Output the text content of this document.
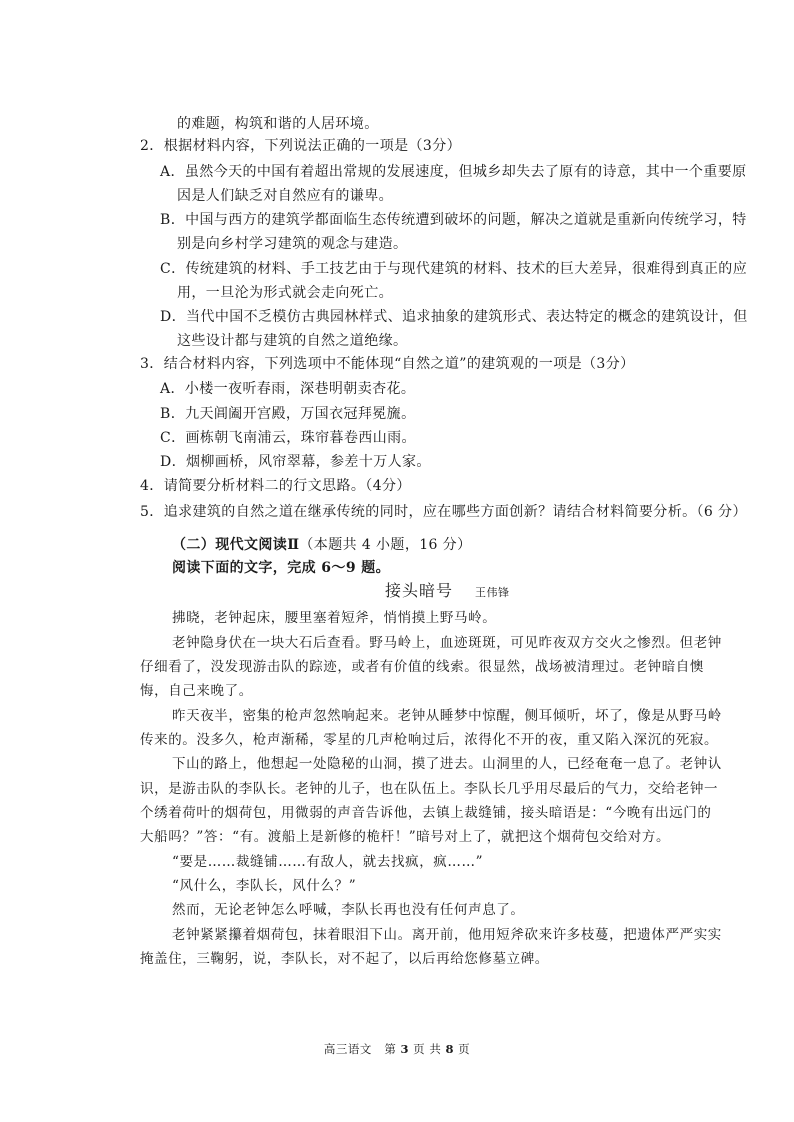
的难题，构筑和谐的人居环境。
2．根据材料内容，下列说法正确的一项是（3分）
A．虽然今天的中国有着超出常规的发展速度，但城乡却失去了原有的诗意，其中一个重要原
因是人们缺乏对自然应有的谦卑。
B．中国与西方的建筑学都面临生态传统遭到破坏的问题，解决之道就是重新向传统学习，特
别是向乡村学习建筑的观念与建造。
C．传统建筑的材料、手工技艺由于与现代建筑的材料、技术的巨大差异，很难得到真正的应
用，一旦沦为形式就会走向死亡。
D．当代中国不乏模仿古典园林样式、追求抽象的建筑形式、表达特定的概念的建筑设计，但
这些设计都与建筑的自然之道绝缘。
3．结合材料内容，下列选项中不能体现“自然之道”的建筑观的一项是（3分）
A．小楼一夜听春雨，深巷明朝卖杏花。
B．九天阊阖开宫殿，万国衣冠拜冕旒。
C．画栋朝飞南浦云，珠帘暮卷西山雨。
D．烟柳画桥，风帘翠幕，参差十万人家。
4．请简要分析材料二的行文思路。（4分）
5．追求建筑的自然之道在继承传统的同时，应在哪些方面创新？请结合材料简要分析。（6 分）
（二）现代文阅读Ⅱ（本题共 4 小题，16 分）
阅读下面的文字，完成 6～9 题。
接头暗号 王伟锋
拂晓，老钟起床，腰里塞着短斧，悄悄摸上野马岭。
老钟隐身伏在一块大石后查看。野马岭上，血迹斑斑，可见昨夜双方交火之惨烈。但老钟
仔细看了，没发现游击队的踪迹，或者有价值的线索。很显然，战场被清理过。老钟暗自懊
悔，自己来晚了。
昨天夜半，密集的枪声忽然响起来。老钟从睡梦中惊醒，侧耳倾听，坏了，像是从野马岭
传来的。没多久，枪声渐稀，零星的几声枪响过后，浓得化不开的夜，重又陷入深沉的死寂。
下山的路上，他想起一处隐秘的山洞，摸了进去。山洞里的人，已经奄奄一息了。老钟认
识，是游击队的李队长。老钟的儿子，也在队伍上。李队长几乎用尽最后的气力，交给老钟一
个绣着荷叶的烟荷包，用微弱的声音告诉他，去镇上裁缝铺，接头暗语是：“今晚有出远门的
大船吗？”答：“有。渡船上是新修的桅杆！”暗号对上了，就把这个烟荷包交给对方。
“要是……裁缝铺……有敌人，就去找疯，疯……”
“风什么，李队长，风什么？”
然而，无论老钟怎么呼喊，李队长再也没有任何声息了。
老钟紧紧攥着烟荷包，抹着眼泪下山。离开前，他用短斧砍来许多枝蔓，把遗体严严实实
掩盖住，三鞠躬，说，李队长，对不起了，以后再给您修墓立碑。
高三语文 第 3 页 共 8 页
